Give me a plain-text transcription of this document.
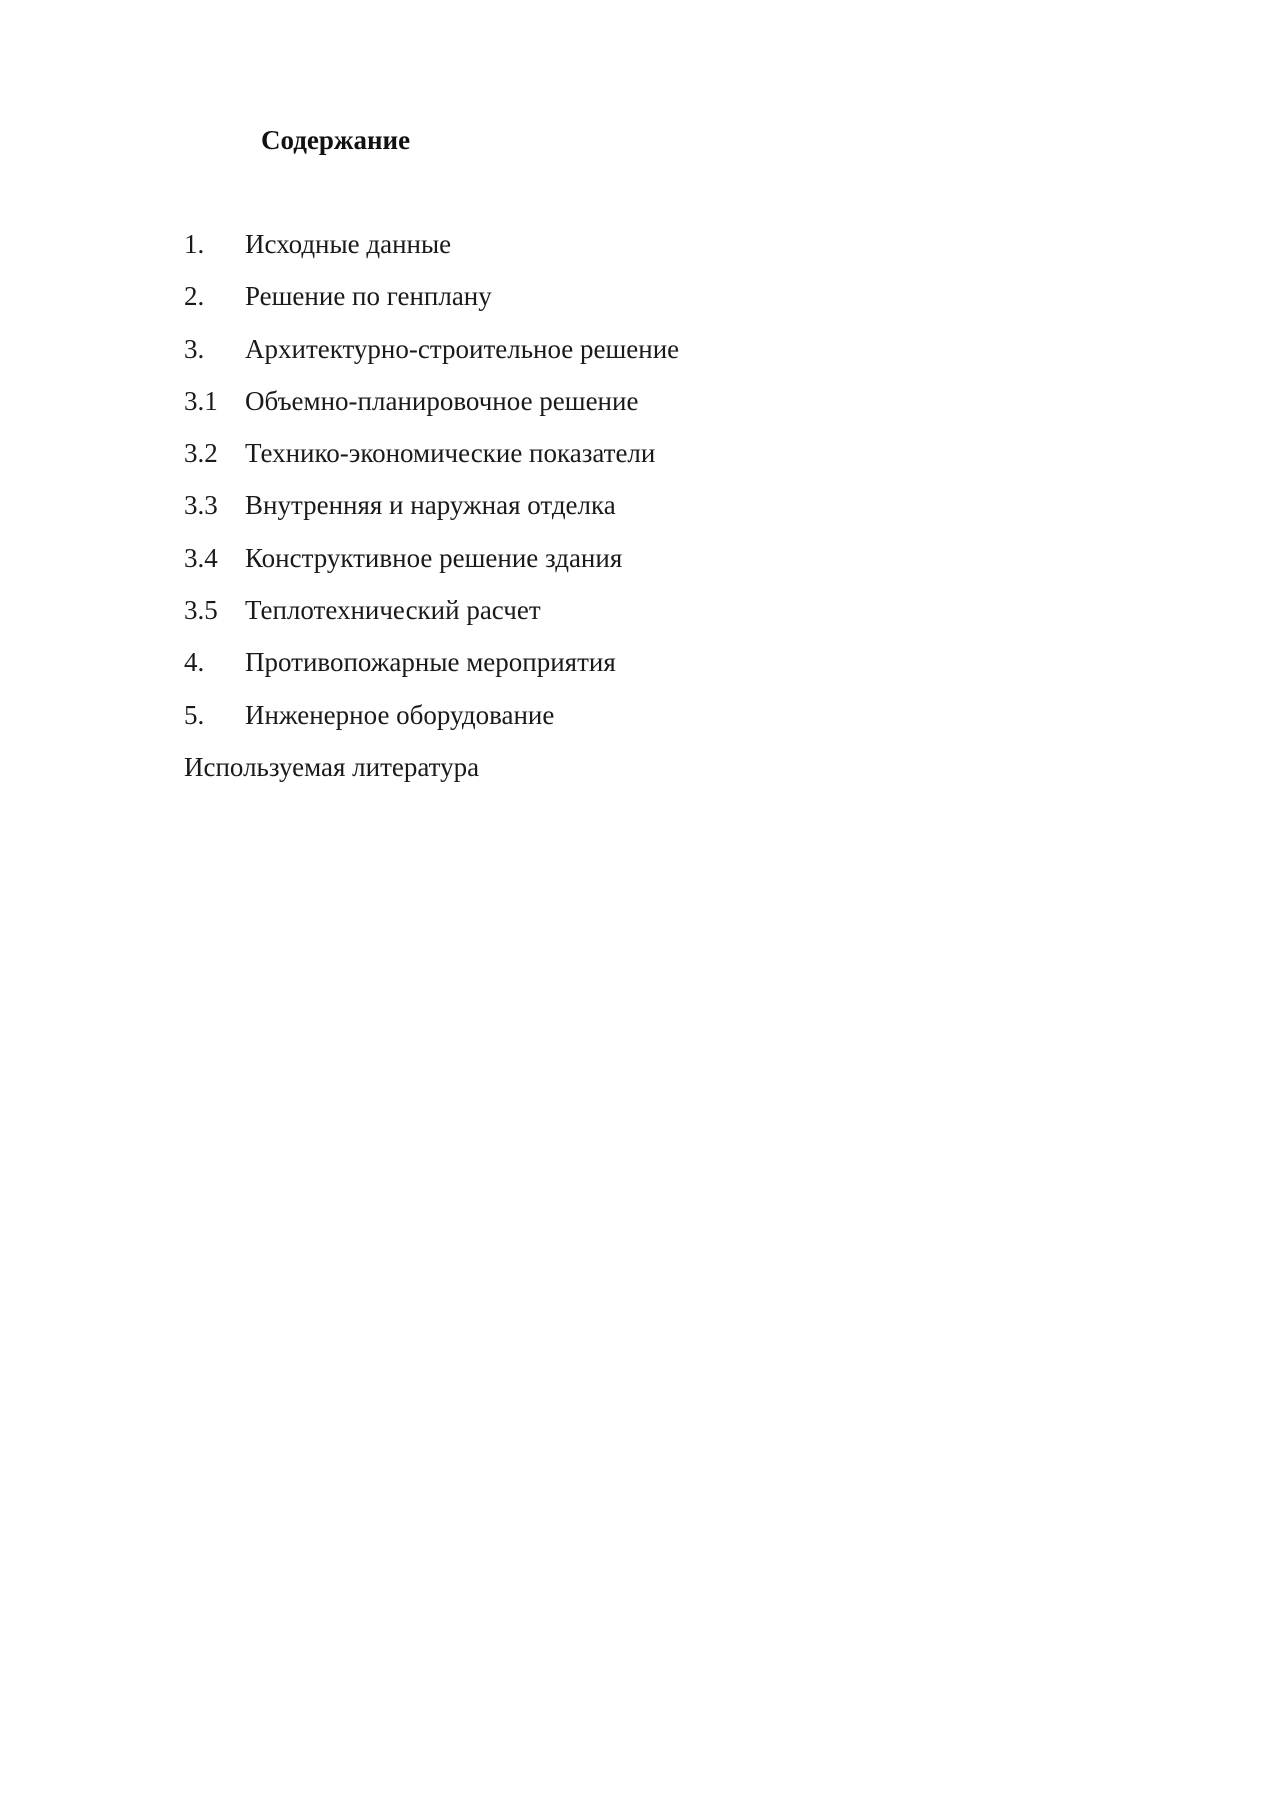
Содержание
1.	Исходные данные
2.	Решение по генплану
3.	Архитектурно-строительное решение
3.1	Объемно-планировочное решение
3.2	Технико-экономические показатели
3.3	Внутренняя и наружная отделка
3.4	Конструктивное решение здания
3.5	Теплотехнический расчет
4.	Противопожарные мероприятия
5.	Инженерное оборудование
Используемая литература
